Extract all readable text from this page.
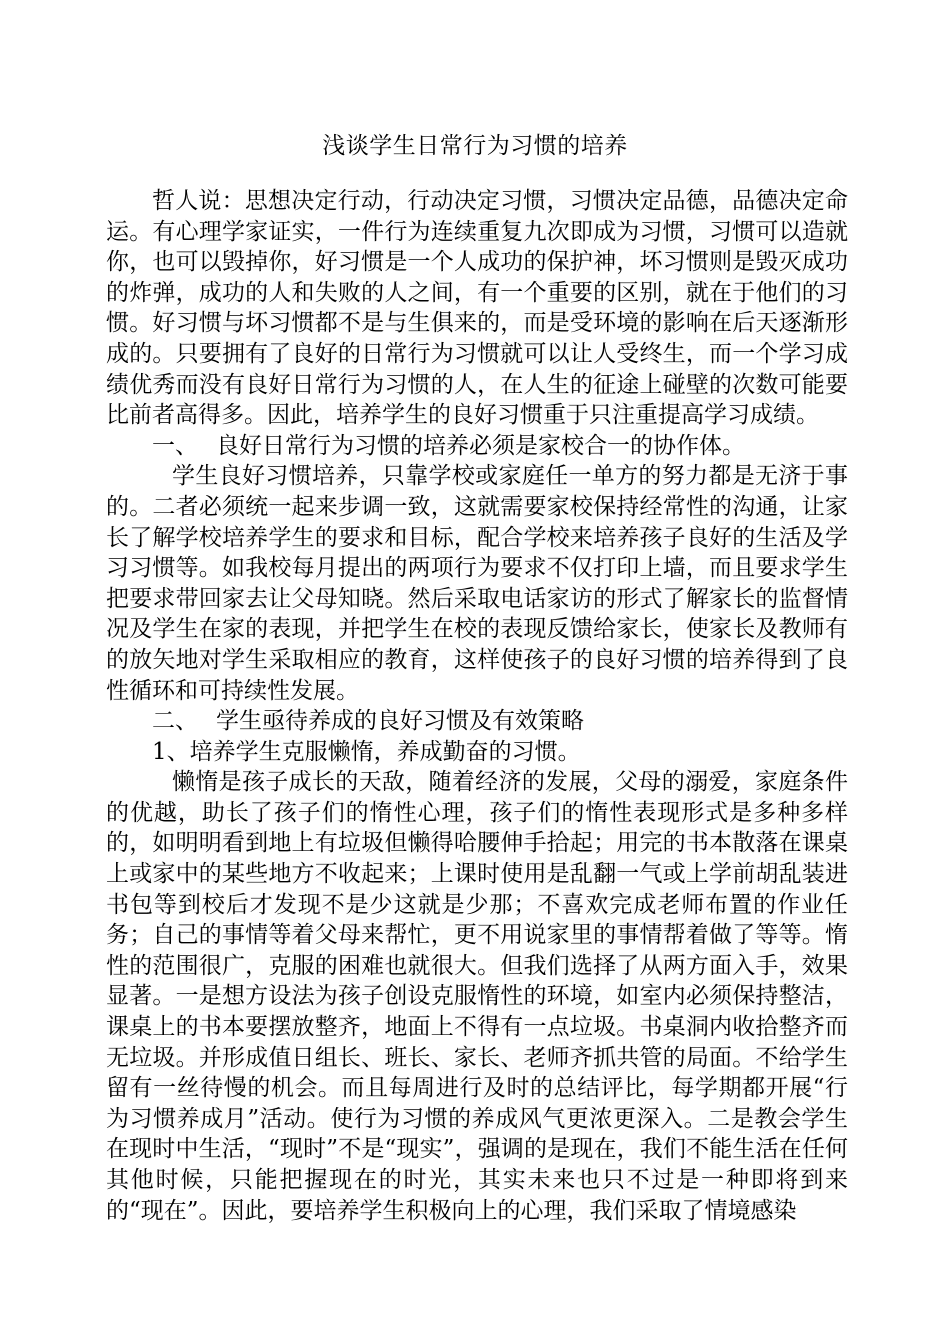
浅谈学生日常行为习惯的培养

哲人说：思想决定行动，行动决定习惯，习惯决定品德，品德决定命运。有心理学家证实，一件行为连续重复九次即成为习惯，习惯可以造就你，也可以毁掉你，好习惯是一个人成功的保护神，坏习惯则是毁灭成功的炸弹，成功的人和失败的人之间，有一个重要的区别，就在于他们的习惯。好习惯与坏习惯都不是与生俱来的，而是受环境的影响在后天逐渐形成的。只要拥有了良好的日常行为习惯就可以让人受终生，而一个学习成绩优秀而没有良好日常行为习惯的人，在人生的征途上碰壁的次数可能要比前者高得多。因此，培养学生的良好习惯重于只注重提高学习成绩。

一、 良好日常行为习惯的培养必须是家校合一的协作体。

学生良好习惯培养，只靠学校或家庭任一单方的努力都是无济于事的。二者必须统一起来步调一致，这就需要家校保持经常性的沟通，让家长了解学校培养学生的要求和目标，配合学校来培养孩子良好的生活及学习习惯等。如我校每月提出的两项行为要求不仅打印上墙，而且要求学生把要求带回家去让父母知晓。然后采取电话家访的形式了解家长的监督情况及学生在家的表现，并把学生在校的表现反馈给家长，使家长及教师有的放矢地对学生采取相应的教育，这样使孩子的良好习惯的培养得到了良性循环和可持续性发展。

二、 学生亟待养成的良好习惯及有效策略

1、培养学生克服懒惰，养成勤奋的习惯。

懒惰是孩子成长的天敌，随着经济的发展，父母的溺爱，家庭条件的优越，助长了孩子们的惰性心理，孩子们的惰性表现形式是多种多样的，如明明看到地上有垃圾但懒得哈腰伸手拾起；用完的书本散落在课桌上或家中的某些地方不收起来；上课时使用是乱翻一气或上学前胡乱装进书包等到校后才发现不是少这就是少那；不喜欢完成老师布置的作业任务；自己的事情等着父母来帮忙，更不用说家里的事情帮着做了等等。惰性的范围很广，克服的困难也就很大。但我们选择了从两方面入手，效果显著。一是想方设法为孩子创设克服惰性的环境，如室内必须保持整洁，课桌上的书本要摆放整齐，地面上不得有一点垃圾。书桌洞内收拾整齐而无垃圾。并形成值日组长、班长、家长、老师齐抓共管的局面。不给学生留有一丝待慢的机会。而且每周进行及时的总结评比，每学期都开展“行为习惯养成月”活动。使行为习惯的养成风气更浓更深入。二是教会学生在现时中生活，“现时”不是“现实”，强调的是现在，我们不能生活在任何其他时候，只能把握现在的时光，其实未来也只不过是一种即将到来的“现在”。因此，要培养学生积极向上的心理，我们采取了情境感染
